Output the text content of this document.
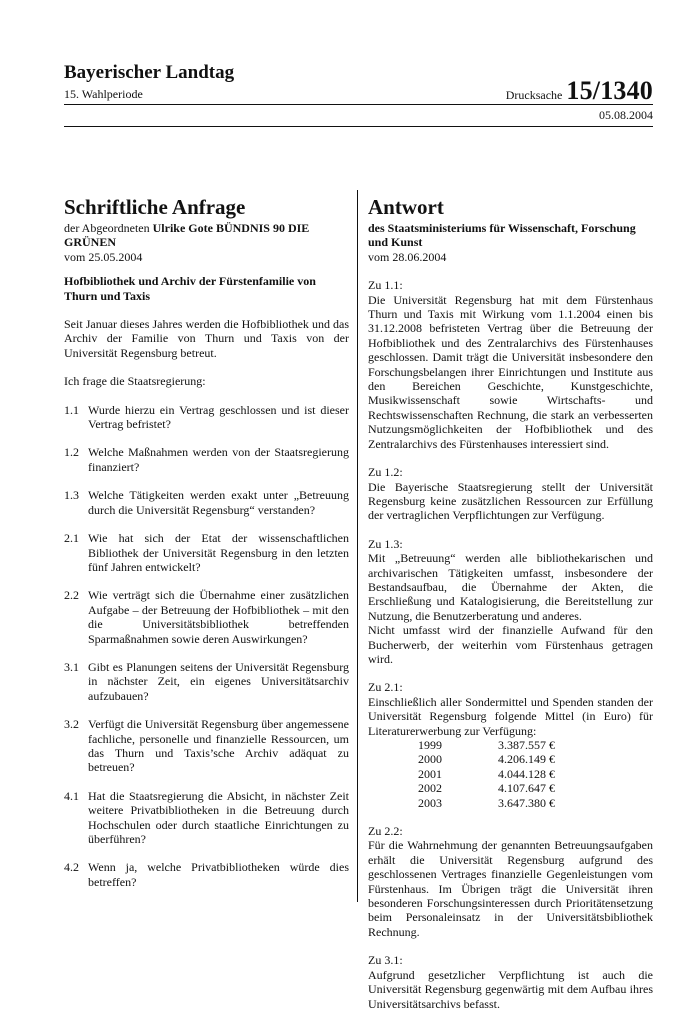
Bayerischer Landtag
15. Wahlperiode	Drucksache 15/1340
05.08.2004
Schriftliche Anfrage
der Abgeordneten Ulrike Gote BÜNDNIS 90 DIE GRÜNEN
vom 25.05.2004
Hofbibliothek und Archiv der Fürstenfamilie von Thurn und Taxis

Seit Januar dieses Jahres werden die Hofbibliothek und das Archiv der Familie von Thurn und Taxis von der Universität Regensburg betreut.

Ich frage die Staatsregierung:

1.1 Wurde hierzu ein Vertrag geschlossen und ist dieser Vertrag befristet?
1.2 Welche Maßnahmen werden von der Staatsregierung finanziert?
1.3 Welche Tätigkeiten werden exakt unter „Betreuung durch die Universität Regensburg“ verstanden?
2.1 Wie hat sich der Etat der wissenschaftlichen Bibliothek der Universität Regensburg in den letzten fünf Jahren entwickelt?
2.2 Wie verträgt sich die Übernahme einer zusätzlichen Aufgabe – der Betreuung der Hofbibliothek – mit den die Universitätsbibliothek betreffenden Sparmaßnahmen sowie deren Auswirkungen?
3.1 Gibt es Planungen seitens der Universität Regensburg in nächster Zeit, ein eigenes Universitätsarchiv aufzubauen?
3.2 Verfügt die Universität Regensburg über angemessene fachliche, personelle und finanzielle Ressourcen, um das Thurn und Taxis’sche Archiv adäquat zu betreuen?
4.1 Hat die Staatsregierung die Absicht, in nächster Zeit weitere Privatbibliotheken in die Betreuung durch Hochschulen oder durch staatliche Einrichtungen zu überführen?
4.2 Wenn ja, welche Privatbibliotheken würde dies betreffen?
Antwort
des Staatsministeriums für Wissenschaft, Forschung und Kunst
vom 28.06.2004
Zu 1.1:

Die Universität Regensburg hat mit dem Fürstenhaus Thurn und Taxis mit Wirkung vom 1.1.2004 einen bis 31.12.2008 befristeten Vertrag über die Betreuung der Hofbibliothek und des Zentralarchivs des Fürstenhauses geschlossen. Damit trägt die Universität insbesondere den Forschungsbelangen ihrer Einrichtungen und Institute aus den Bereichen Geschichte, Kunstgeschichte, Musikwissenschaft sowie Wirtschafts- und Rechtswissenschaften Rechnung, die stark an verbesserten Nutzungsmöglichkeiten der Hofbibliothek und des Zentralarchivs des Fürstenhauses interessiert sind.

Zu 1.2:

Die Bayerische Staatsregierung stellt der Universität Regensburg keine zusätzlichen Ressourcen zur Erfüllung der vertraglichen Verpflichtungen zur Verfügung.

Zu 1.3:

Mit „Betreuung“ werden alle bibliothekarischen und archivarischen Tätigkeiten umfasst, insbesondere der Bestandsaufbau, die Übernahme der Akten, die Erschließung und Katalogisierung, die Bereitstellung zur Nutzung, die Benutzerberatung und anderes.

Nicht umfasst wird der finanzielle Aufwand für den Bucherwerb, der weiterhin vom Fürstenhaus getragen wird.

Zu 2.1:

Einschließlich aller Sondermittel und Spenden standen der Universität Regensburg folgende Mittel (in Euro) für Literaturerwerbung zur Verfügung:

1999	3.387.557 €
2000	4.206.149 €
2001	4.044.128 €
2002	4.107.647 €
2003	3.647.380 €
Zu 2.2:

Für die Wahrnehmung der genannten Betreuungsaufgaben erhält die Universität Regensburg aufgrund des geschlossenen Vertrages finanzielle Gegenleistungen vom Fürstenhaus. Im Übrigen trägt die Universität ihren besonderen Forschungsinteressen durch Prioritätensetzung beim Personaleinsatz in der Universitätsbibliothek Rechnung.

Zu 3.1:

Aufgrund gesetzlicher Verpflichtung ist auch die Universität Regensburg gegenwärtig mit dem Aufbau ihres Universitätsarchivs befasst.
